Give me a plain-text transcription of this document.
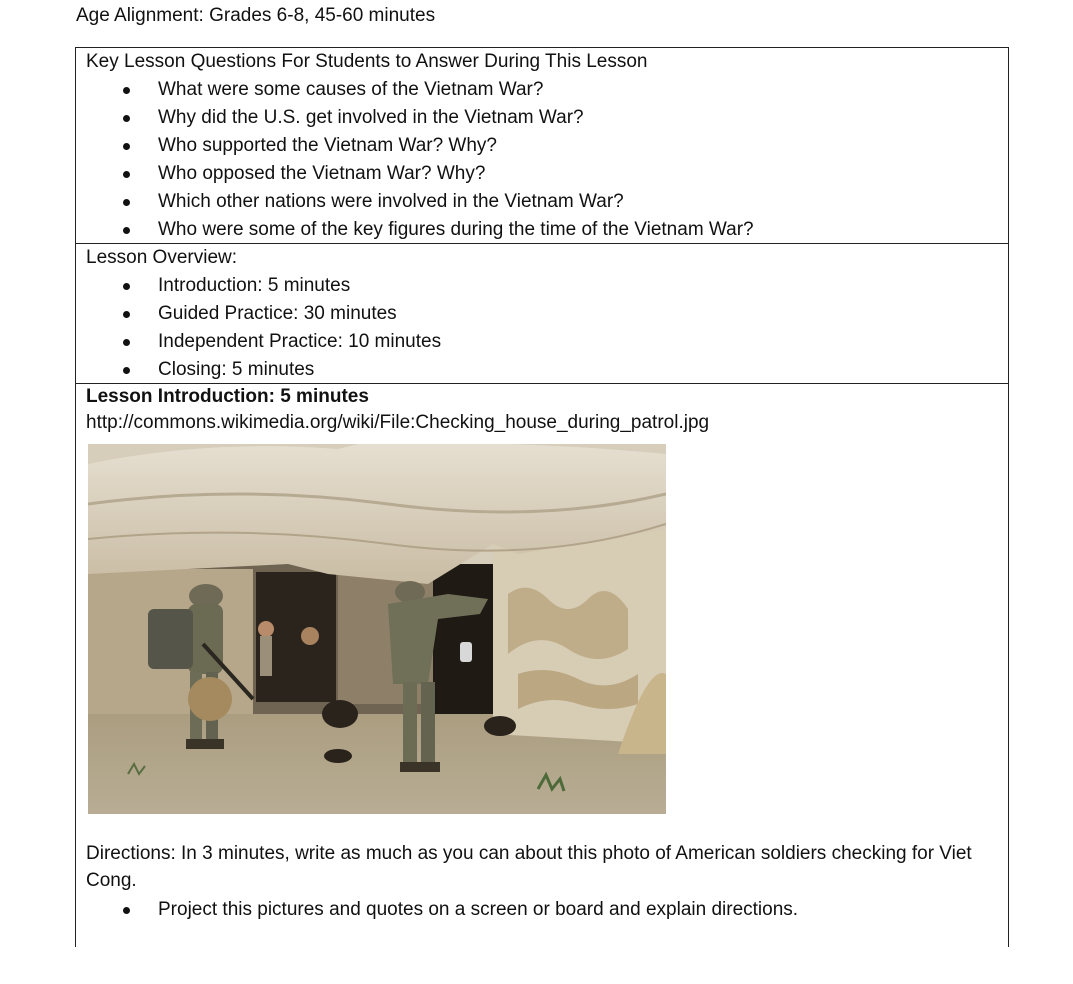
Age Alignment: Grades 6-8, 45-60 minutes
Key Lesson Questions For Students to Answer During This Lesson
What were some causes of the Vietnam War?
Why did the U.S. get involved in the Vietnam War?
Who supported the Vietnam War? Why?
Who opposed the Vietnam War? Why?
Which other nations were involved in the Vietnam War?
Who were some of the key figures during the time of the Vietnam War?
Lesson Overview:
Introduction: 5 minutes
Guided Practice: 30 minutes
Independent Practice: 10 minutes
Closing: 5 minutes
Lesson Introduction: 5 minutes
http://commons.wikimedia.org/wiki/File:Checking_house_during_patrol.jpg
Directions: In 3 minutes, write as much as you can about this photo of American soldiers checking for Viet Cong.
Project this pictures and quotes on a screen or board and explain directions.
